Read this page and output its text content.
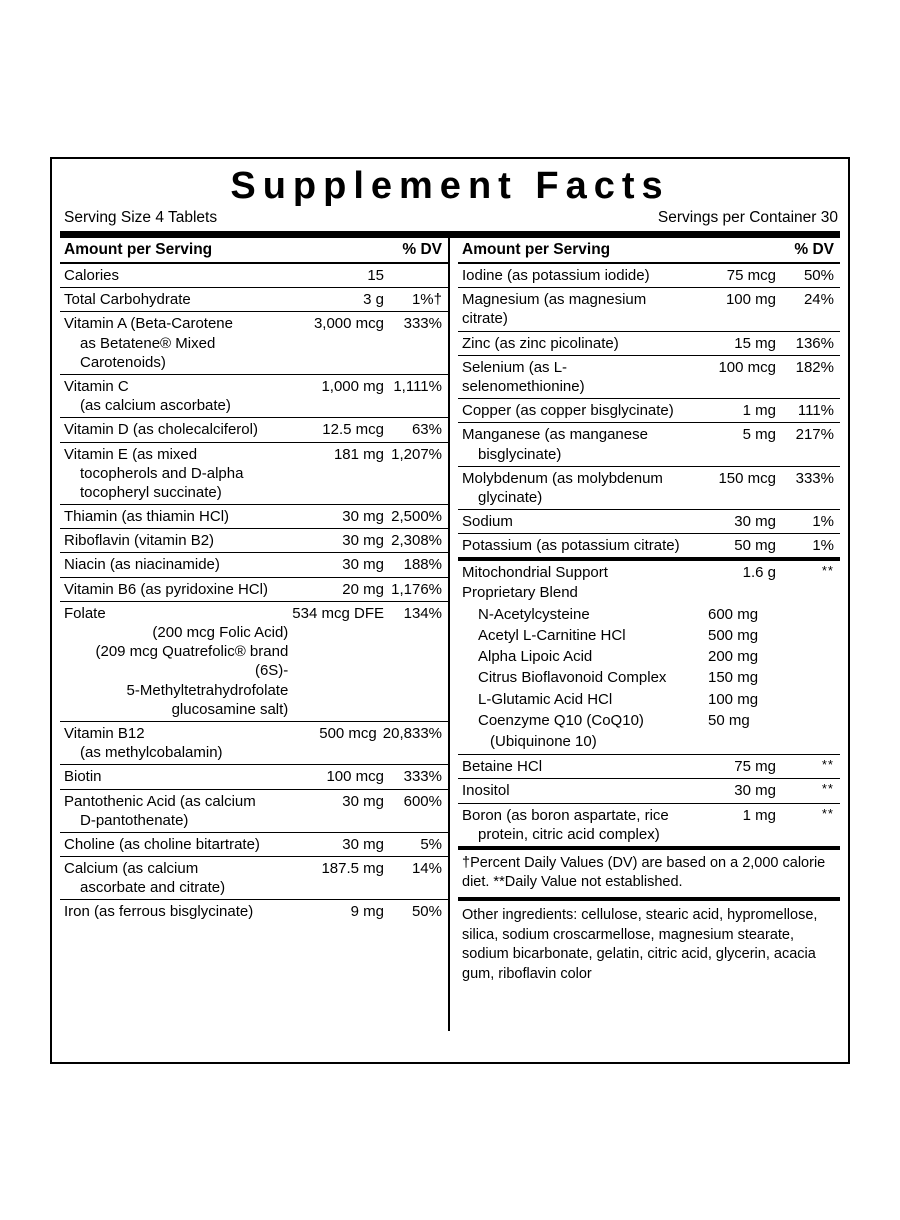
Supplement Facts
Serving Size 4 Tablets	Servings per Container 30
Amount per Serving	% DV
Calories	15
Total Carbohydrate	3 g	1%†
Vitamin A (Beta-Carotene
as Betatene® Mixed
Carotenoids)
3,000 mcg	333%
Vitamin C
(as calcium ascorbate)
1,000 mg 1,111%
Vitamin D (as cholecalciferol)	12.5 mcg	63%
Vitamin E (as mixed
tocopherols and D-alpha
tocopheryl succinate)
181 mg 1,207%
Thiamin (as thiamin HCl)	30 mg 2,500%
Riboflavin (vitamin B2)	30 mg 2,308%
Niacin (as niacinamide)	30 mg	188%
Vitamin B6 (as pyridoxine HCl)	20 mg 1,176%
Folate
(200 mcg Folic Acid)
(209 mcg Quatrefolic® brand (6S)-
5-Methyltetrahydrofolate
glucosamine salt)
534 mcg DFE	134%
Vitamin B12
(as methylcobalamin)
500 mcg 20,833%
Biotin	100 mcg	333%
Pantothenic Acid (as calcium
D-pantothenate)
30 mg	600%
Choline (as choline bitartrate)	30 mg	5%
Calcium (as calcium
ascorbate and citrate)
187.5 mg	14%
Iron (as ferrous bisglycinate)	9 mg	50%
Amount per Serving	% DV
Iodine (as potassium iodide)	75 mcg	50%
Magnesium (as magnesium citrate)
100 mg	24%
Zinc (as zinc picolinate)	15 mg	136%
Selenium (as L-selenomethionine)
100 mcg	182%
Copper (as copper bisglycinate)	1 mg	111%
Manganese (as manganese
bisglycinate)
5 mg	217%
Molybdenum (as molybdenum
glycinate)
150 mcg	333%
Sodium	30 mg	1%
Potassium (as potassium citrate)	50 mg	1%
Mitochondrial Support
Proprietary Blend
1.6 g	**
N-Acetylcysteine	600 mg
Acetyl L-Carnitine HCl	500 mg
Alpha Lipoic Acid	200 mg
Citrus Bioflavonoid Complex	150 mg
L-Glutamic Acid HCl	100 mg
Coenzyme Q10 (CoQ10)	50 mg
(Ubiquinone 10)
Betaine HCl	75 mg	**
Inositol	30 mg	**
Boron (as boron aspartate, rice
protein, citric acid complex)
1 mg	**
†Percent Daily Values (DV) are based on a 2,000 calorie diet. **Daily Value not established.
Other ingredients: cellulose, stearic acid, hypromellose, silica, sodium croscarmellose, magnesium stearate, sodium bicarbonate, gelatin, citric acid, glycerin, acacia gum, riboflavin color
